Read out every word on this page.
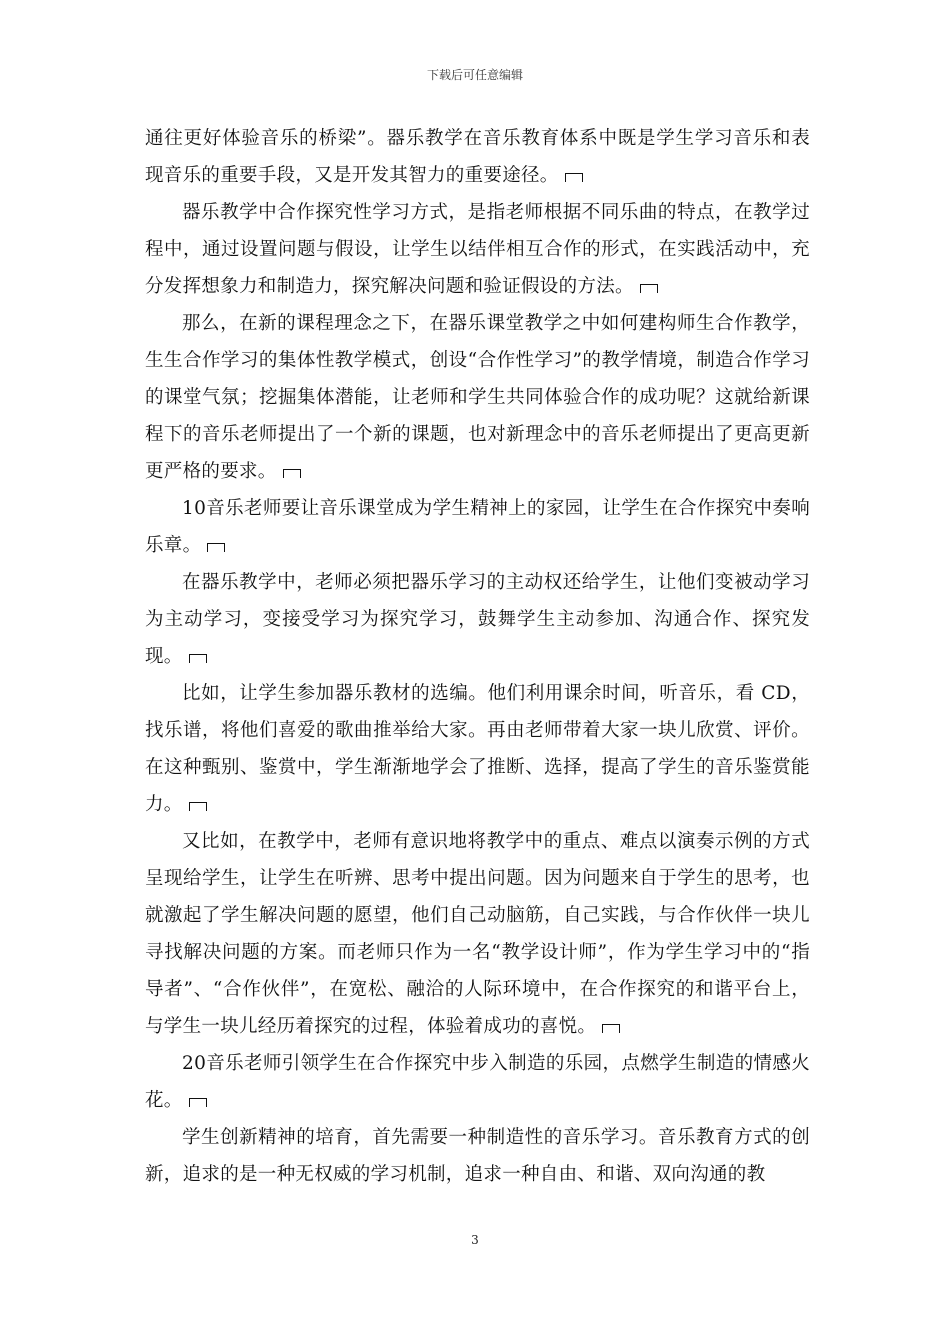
下载后可任意编辑

通往更好体验音乐的桥梁”。器乐教学在音乐教育体系中既是学生学习音乐和表现音乐的重要手段，又是开发其智力的重要途径。

器乐教学中合作探究性学习方式，是指老师根据不同乐曲的特点，在教学过程中，通过设置问题与假设，让学生以结伴相互合作的形式，在实践活动中，充分发挥想象力和制造力，探究解决问题和验证假设的方法。

那么，在新的课程理念之下，在器乐课堂教学之中如何建构师生合作教学，生生合作学习的集体性教学模式，创设“合作性学习”的教学情境，制造合作学习的课堂气氛；挖掘集体潜能，让老师和学生共同体验合作的成功呢？这就给新课程下的音乐老师提出了一个新的课题，也对新理念中的音乐老师提出了更高更新更严格的要求。

10音乐老师要让音乐课堂成为学生精神上的家园，让学生在合作探究中奏响乐章。

在器乐教学中，老师必须把器乐学习的主动权还给学生，让他们变被动学习为主动学习，变接受学习为探究学习，鼓舞学生主动参加、沟通合作、探究发现。

比如，让学生参加器乐教材的选编。他们利用课余时间，听音乐，看 CD，找乐谱，将他们喜爱的歌曲推举给大家。再由老师带着大家一块儿欣赏、评价。在这种甄别、鉴赏中，学生渐渐地学会了推断、选择，提高了学生的音乐鉴赏能力。

又比如，在教学中，老师有意识地将教学中的重点、难点以演奏示例的方式呈现给学生，让学生在听辨、思考中提出问题。因为问题来自于学生的思考，也就激起了学生解决问题的愿望，他们自己动脑筋，自己实践，与合作伙伴一块儿寻找解决问题的方案。而老师只作为一名“教学设计师”，作为学生学习中的“指导者”、“合作伙伴”，在宽松、融洽的人际环境中，在合作探究的和谐平台上，与学生一块儿经历着探究的过程，体验着成功的喜悦。

20音乐老师引领学生在合作探究中步入制造的乐园，点燃学生制造的情感火花。

学生创新精神的培育，首先需要一种制造性的音乐学习。音乐教育方式的创新，追求的是一种无权威的学习机制，追求一种自由、和谐、双向沟通的教

3
